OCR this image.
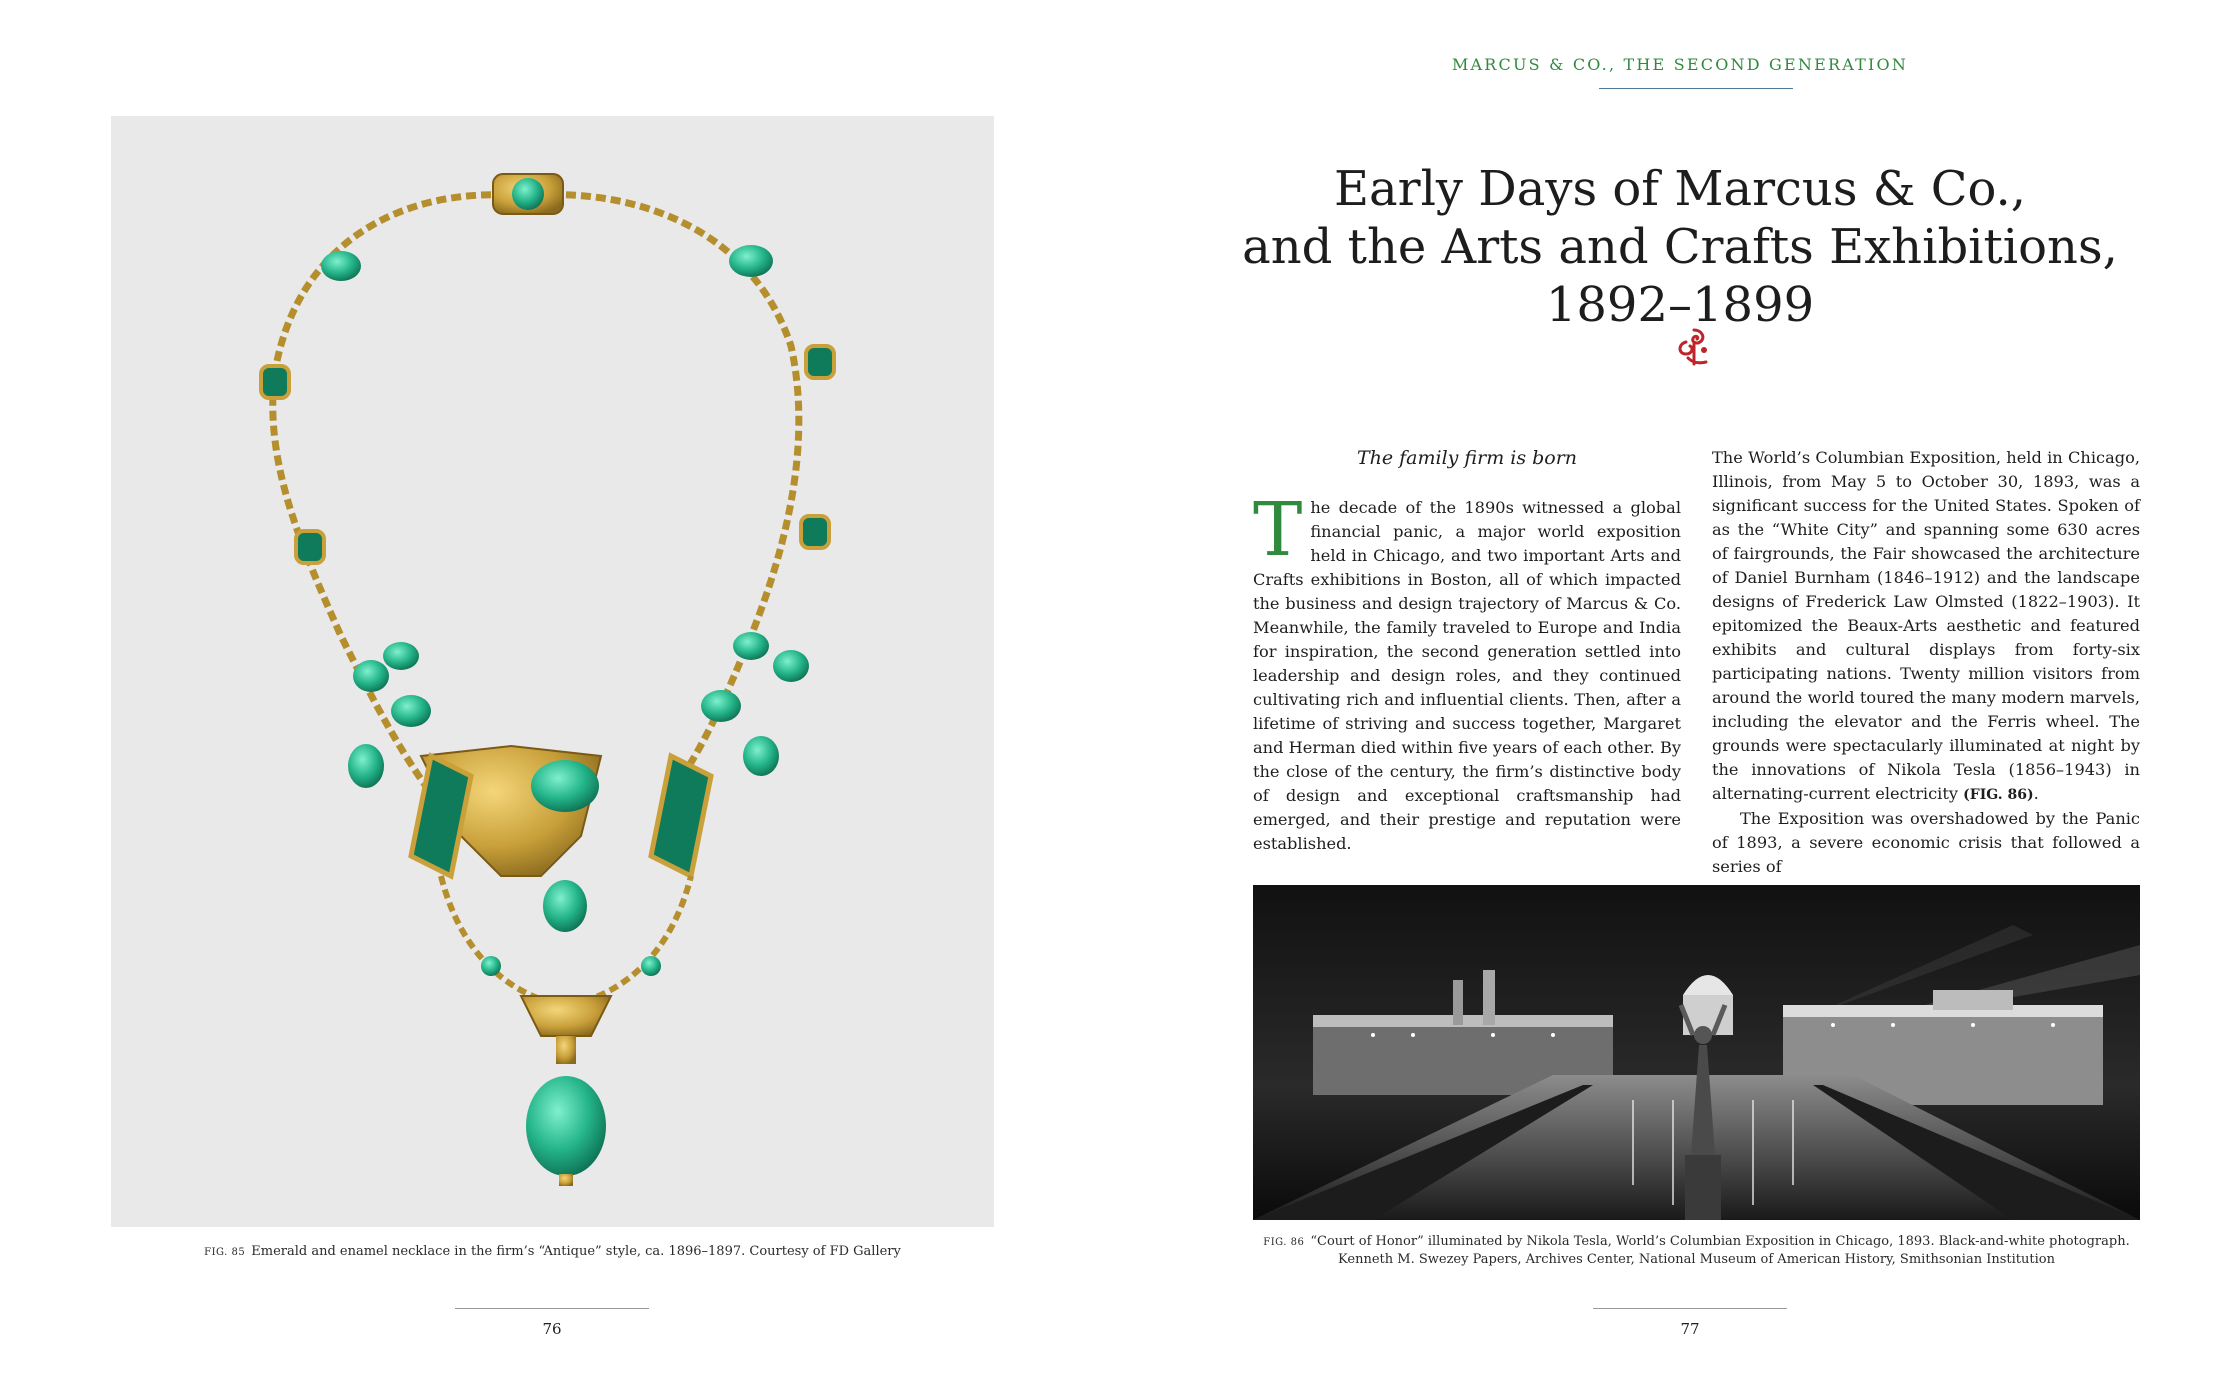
FIG. 85 Emerald and enamel necklace in the firm’s “Antique” style, ca. 1896–1897. Courtesy of FD Gallery
76
MARCUS & CO., THE SECOND GENERATION
Early Days of Marcus & Co.,
and the Arts and Crafts Exhibitions,
1892–1899
The family firm is born

The decade of the 1890s witnessed a global financial panic, a major world exposition held in Chicago, and two important Arts and Crafts exhibitions in Boston, all of which impacted the business and design trajectory of Marcus & Co. Meanwhile, the family traveled to Europe and India for inspiration, the second generation settled into leadership and design roles, and they continued cultivating rich and influential clients. Then, after a lifetime of striving and success together, Margaret and Herman died within five years of each other. By the close of the century, the firm’s distinctive body of design and exceptional craftsmanship had emerged, and their prestige and reputation were established.

The World’s Columbian Exposition, held in Chicago, Illinois, from May 5 to October 30, 1893, was a significant success for the United States. Spoken of as the “White City” and spanning some 630 acres of fairgrounds, the Fair showcased the architecture of Daniel Burnham (1846–1912) and the landscape designs of Frederick Law Olmsted (1822–1903). It epitomized the Beaux-Arts aesthetic and featured exhibits and cultural displays from forty-six participating nations. Twenty million visitors from around the world toured the many modern marvels, including the elevator and the Ferris wheel. The grounds were spectacularly illuminated at night by the innovations of Nikola Tesla (1856–1943) in alternating-current electricity (FIG. 86).

The Exposition was overshadowed by the Panic of 1893, a severe economic crisis that followed a series of

FIG. 86 “Court of Honor” illuminated by Nikola Tesla, World’s Columbian Exposition in Chicago, 1893. Black-and-white photograph.
Kenneth M. Swezey Papers, Archives Center, National Museum of American History, Smithsonian Institution
77
